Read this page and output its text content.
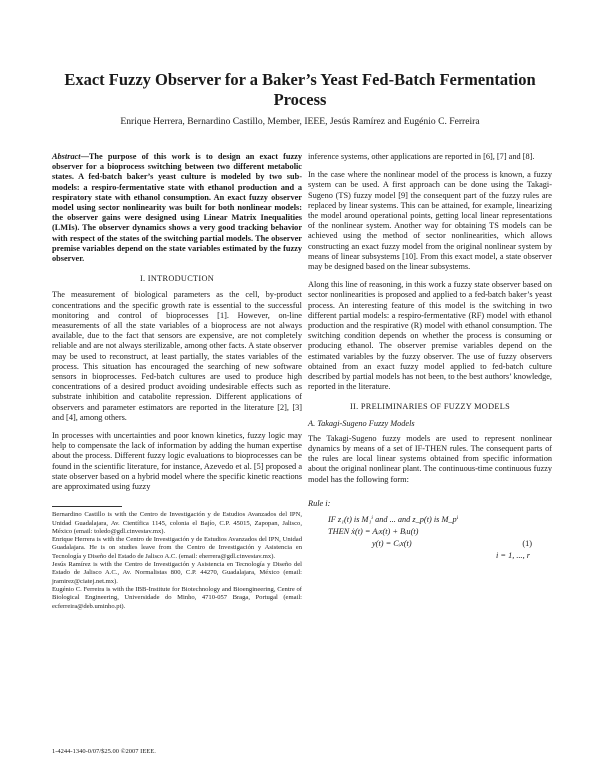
Exact Fuzzy Observer for a Baker’s Yeast Fed-Batch Fermentation
Process
Enrique Herrera, Bernardino Castillo, Member, IEEE, Jesús Ramírez and Eugénio C. Ferreira

Abstract—The purpose of this work is to design an exact fuzzy observer for a bioprocess switching between two different metabolic states. A fed-batch baker’s yeast culture is modeled by two sub-models: a respiro-fermentative state with ethanol production and a respiratory state with ethanol consumption. An exact fuzzy observer model using sector nonlinearity was built for both nonlinear models: the observer gains were designed using Linear Matrix Inequalities (LMIs). The observer dynamics shows a very good tracking behavior with respect of the states of the switching partial models. The observer premise variables depend on the state variables estimated by the fuzzy observer.

I. INTRODUCTION

The measurement of biological parameters as the cell, by-product concentrations and the specific growth rate is essential to the successful monitoring and control of bioprocesses [1]. However, on-line measurements of all the state variables of a bioprocess are not always available, due to the fact that sensors are expensive, are not completely reliable and are not always sterilizable, among other facts. A state observer may be used to reconstruct, at least partially, the states variables of the process. This situation has encouraged the searching of new software sensors in bioprocesses. Fed-batch cultures are used to produce high concentrations of a desired product avoiding undesirable effects such as substrate inhibition and catabolite repression. Different applications of observers and parameter estimators are reported in the literature [2], [3] and [4], among others.

In processes with uncertainties and poor known kinetics, fuzzy logic may help to compensate the lack of information by adding the human expertise about the process. Different fuzzy logic evaluations to bioprocesses can be found in the scientific literature, for instance, Azevedo et al. [5] proposed a state observer based on a hybrid model where the specific kinetic reactions are approximated using fuzzy

Bernardino Castillo is with the Centro de Investigación y de Estudios Avanzados del IPN, Unidad Guadalajara, Av. Científica 1145, colonia el Bajío, C.P. 45015, Zapopan, Jalisco, México (email: toledo@gdl.cinvestav.mx).

Enrique Herrera is with the Centro de Investigación y de Estudios Avanzados del IPN, Unidad Guadalajara. He is on studies leave from the Centro de Investigación y Asistencia en Tecnología y Diseño del Estado de Jalisco A.C. (email: eherrera@gdl.cinvestav.mx).

Jesús Ramírez is with the Centro de Investigación y Asistencia en Tecnología y Diseño del Estado de Jalisco A.C., Av. Normalistas 800, C.P. 44270, Guadalajara, México (email: jramirez@ciatej.net.mx).

Eugénio C. Ferreira is with the IBB-Institute for Biotechnology and Bioengineering, Centre of Biological Engineering, Universidade do Minho, 4710-057 Braga, Portugal (email: ecferreira@deb.uminho.pt).

inference systems, other applications are reported in [6], [7] and [8].

In the case where the nonlinear model of the process is known, a fuzzy system can be used. A first approach can be done using the Takagi-Sugeno (TS) fuzzy model [9] the consequent part of the fuzzy rules are replaced by linear systems. This can be attained, for example, linearizing the model around operational points, getting local linear representations of the nonlinear system. Another way for obtaining TS models can be achieved using the method of sector nonlinearities, which allows constructing an exact fuzzy model from the original nonlinear system by means of linear subsystems [10]. From this exact model, a state observer may be designed based on the linear subsystems.

Along this line of reasoning, in this work a fuzzy state observer based on sector nonlinearities is proposed and applied to a fed-batch baker’s yeast process. An interesting feature of this model is the switching in two different partial models: a respiro-fermentative (RF) model with ethanol production and the respirative (R) model with ethanol consumption. The switching condition depends on whether the process is consuming or producing ethanol. The observer premise variables depend on the estimated variables by the fuzzy observer. The use of fuzzy observers obtained from an exact fuzzy model applied to fed-batch culture described by partial models has not been, to the best authors’ knowledge, reported in the literature.

II. PRELIMINARIES OF FUZZY MODELS
A. Takagi-Sugeno Fuzzy Models

The Takagi-Sugeno fuzzy models are used to represent nonlinear dynamics by means of a set of IF-THEN rules. The consequent parts of the rules are local linear systems obtained from specific information about the original nonlinear plant. The continuous-time continuous fuzzy model has the following form:

Rule i:
IF z₁(t) is M₁ⁱ and ... and z_p(t) is M_pⁱ
THEN ẋ(t) = Aᵢx(t) + Bᵢu(t)
y(t) = Cᵢx(t)	(1)
i = 1, ..., r
1-4244-1340-0/07/$25.00 ©2007 IEEE.
